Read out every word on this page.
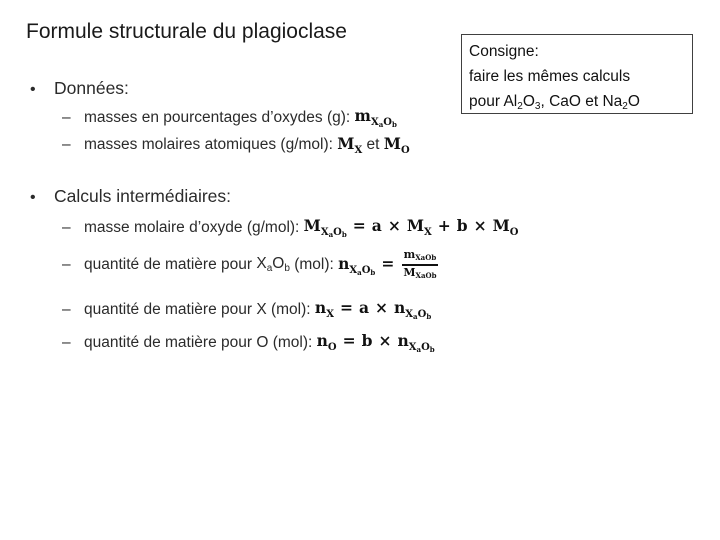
Formule structurale du plagioclase
Consigne:
faire les mêmes calculs
pour $Al_2O_3$, CaO et $Na_2O$
• Données:
– masses en pourcentages d’oxydes (g):
$m_{X_aO_b}$
– masses molaires atomiques (g/mol):
$M_X$
et
$M_O$
• Calculs intermédiaires:
– masse molaire d’oxyde (g/mol):
$M_{X_aO_b} = a \times M_X + b \times M_O$
– quantité de matière pour
$X_aO_b$
(mol):
$n_{X_aO_b} = \frac{m_{XaOb}}{M_{XaOb}}$
– quantité de matière pour X (mol):
$n_X = a \times n_{X_aO_b}$
– quantité de matière pour O (mol):
$n_O = b \times n_{X_aO_b}$
